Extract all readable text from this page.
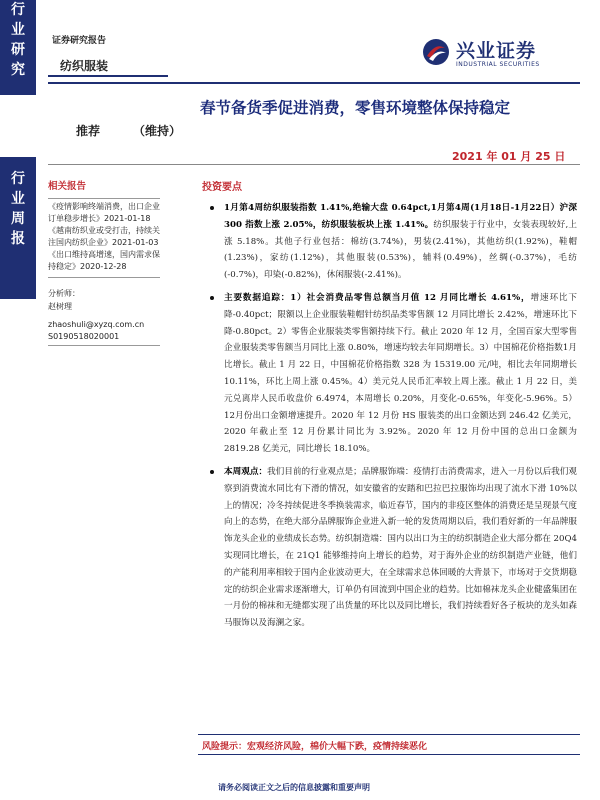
行
业
研
究
行
业
周
报
证券研究报告
纺织服装
兴业证券
INDUSTRIAL SECURITIES
春节备货季促进消费，零售环境整体保持稳定
推荐	（维持）
2021 年 01 月 25 日
相关报告
《疫情影响终端消费，出口企业订单稳步增长》2021-01-18
《越南纺织业或受打击，持续关注国内纺织企业》2021-01-03
《出口维持高增速，国内需求保持稳定》2020-12-28
分析师：
赵树理
zhaoshuli@xyzq.com.cn
S0190518020001
投资要点
1月第4周纺织服装指数 1.41%,绝输大盘 0.64pct,1月第4周(1月18日-1月22日）沪深 300 指数上涨 2.05%，纺织服装板块上涨 1.41%。纺织服装于行业中，女装表现较好,上涨 5.18%。其他子行业包括：棉纺(3.74%)，男装(2.41%)，其他纺织(1.92%)，鞋帽(1.23%)，家纺(1.12%)，其他服装(0.53%)，辅料(0.49%)，丝绸(-0.37%)，毛纺(-0.7%)，印染(-0.82%)，休闲服装(-2.41%)。
主要数据追踪：1）社会消费品零售总额当月值 12 月同比增长 4.61%，增速环比下降-0.40pct；限额以上企业服装鞋帽针纺织品类零售额 12 月同比增长 2.42%，增速环比下降-0.80pct。2）零售企业服装类零售额持续下行。截止 2020 年 12 月，全国百家大型零售企业服装类零售额当月同比上涨 0.80%，增速均较去年同期增长。3）中国棉花价格指数1月比增长。截止 1 月 22 日，中国棉花价格指数 328 为 15319.00 元/吨，相比去年同期增长 10.11%，环比上周上涨 0.45%。4）美元兑人民币汇率较上周上涨。截止 1 月 22 日，美元兑离岸人民币收盘价 6.4974，本周增长 0.20%，月变化-0.65%，年变化-5.96%。5）12月份出口金额增速提升。2020 年 12 月份 HS 服装类的出口金额达到 246.42 亿美元，2020 年截止至 12 月份累计同比为 3.92%。2020 年 12 月份中国的总出口金额为 2819.28 亿美元，同比增长 18.10%。
本周观点：我们目前的行业观点是；品牌服饰端：疫情打击消费需求，进入一月份以后我们观察到消费流水同比有下滑的情况，如安徽省的安踏和巴拉巴拉服饰均出现了流水下滑 10%以上的情况；冷冬持续促进冬季换装需求，临近春节，国内的非疫区整体的消费还是呈现景气度向上的态势，在绝大部分品牌服饰企业进入新一轮的发货周期以后，我们看好新的一年品牌服饰龙头企业的业绩成长态势。纺织制造端：国内以出口为主的纺织制造企业大部分都在 20Q4 实现同比增长，在 21Q1 能够维持向上增长的趋势，对于海外企业的纺织制造产业链，他们的产能利用率相较于国内企业波动更大，在全球需求总体回暖的大背景下，市场对于交货期稳定的纺织企业需求逐渐增大，订单仍有回流到中国企业的趋势。比如棉袜龙头企业健盛集团在一月份的棉袜和无缝都实现了出货量的环比以及同比增长，我们持续看好各子板块的龙头如森马服饰以及海澜之家。
风险提示：宏观经济风险，棉价大幅下跌，疫情持续恶化
请务必阅读正文之后的信息披露和重要声明
